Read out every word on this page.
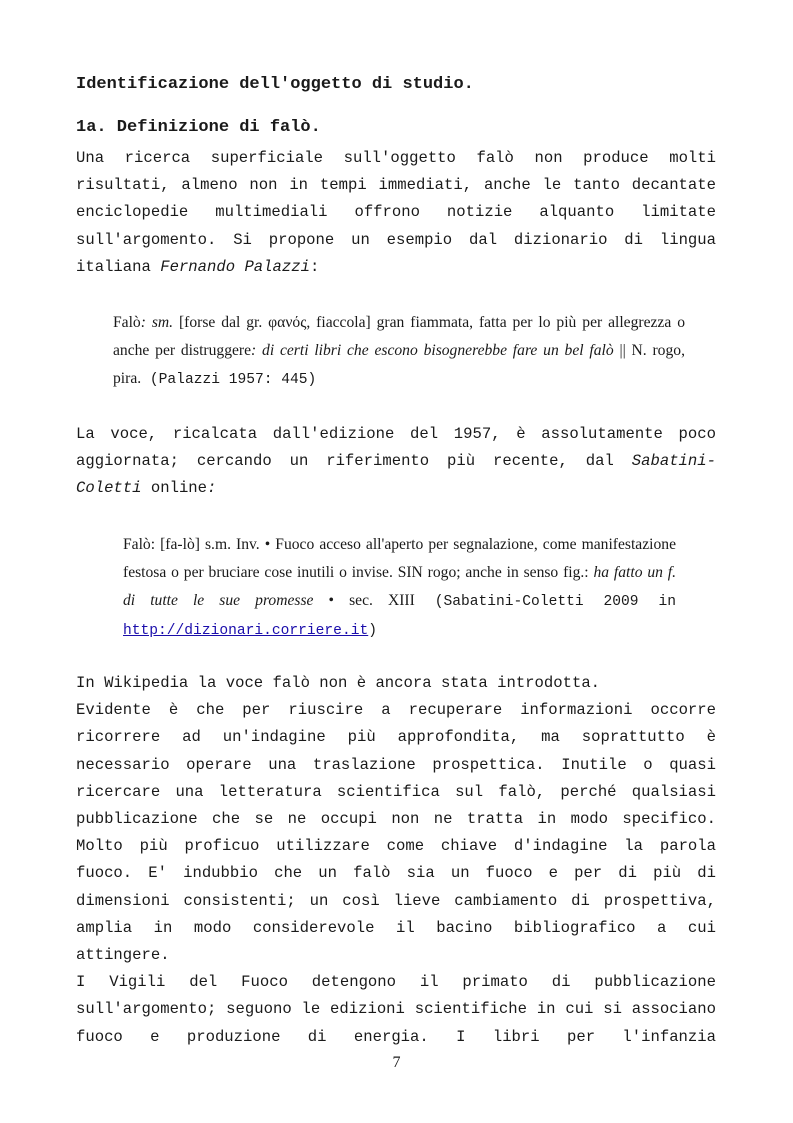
Identificazione dell'oggetto di studio.
1a. Definizione di falò.
Una ricerca superficiale sull'oggetto falò non produce molti risultati, almeno non in tempi immediati, anche le tanto decantate enciclopedie multimediali offrono notizie alquanto limitate sull'argomento. Si propone un esempio dal dizionario di lingua italiana Fernando Palazzi:
Falò: sm. [forse dal gr. φανός, fiaccola] gran fiammata, fatta per lo più per allegrezza o anche per distruggere: di certi libri che escono bisognerebbe fare un bel falò || N. rogo, pira. (Palazzi 1957: 445)
La voce, ricalcata dall'edizione del 1957, è assolutamente poco aggiornata; cercando un riferimento più recente, dal Sabatini-Coletti online:
Falò: [fa-lò] s.m. Inv. • Fuoco acceso all'aperto per segnalazione, come manifestazione festosa o per bruciare cose inutili o invise. SIN rogo; anche in senso fig.: ha fatto un f. di tutte le sue promesse • sec. XIII (Sabatini-Coletti 2009 in http://dizionari.corriere.it)
In Wikipedia la voce falò non è ancora stata introdotta.
Evidente è che per riuscire a recuperare informazioni occorre ricorrere ad un'indagine più approfondita, ma soprattutto è necessario operare una traslazione prospettica. Inutile o quasi ricercare una letteratura scientifica sul falò, perché qualsiasi pubblicazione che se ne occupi non ne tratta in modo specifico. Molto più proficuo utilizzare come chiave d'indagine la parola fuoco. E' indubbio che un falò sia un fuoco e per di più di dimensioni consistenti; un così lieve cambiamento di prospettiva, amplia in modo considerevole il bacino bibliografico a cui attingere.
I Vigili del Fuoco detengono il primato di pubblicazione sull'argomento; seguono le edizioni scientifiche in cui si associano fuoco e produzione di energia. I libri per l'infanzia
7
